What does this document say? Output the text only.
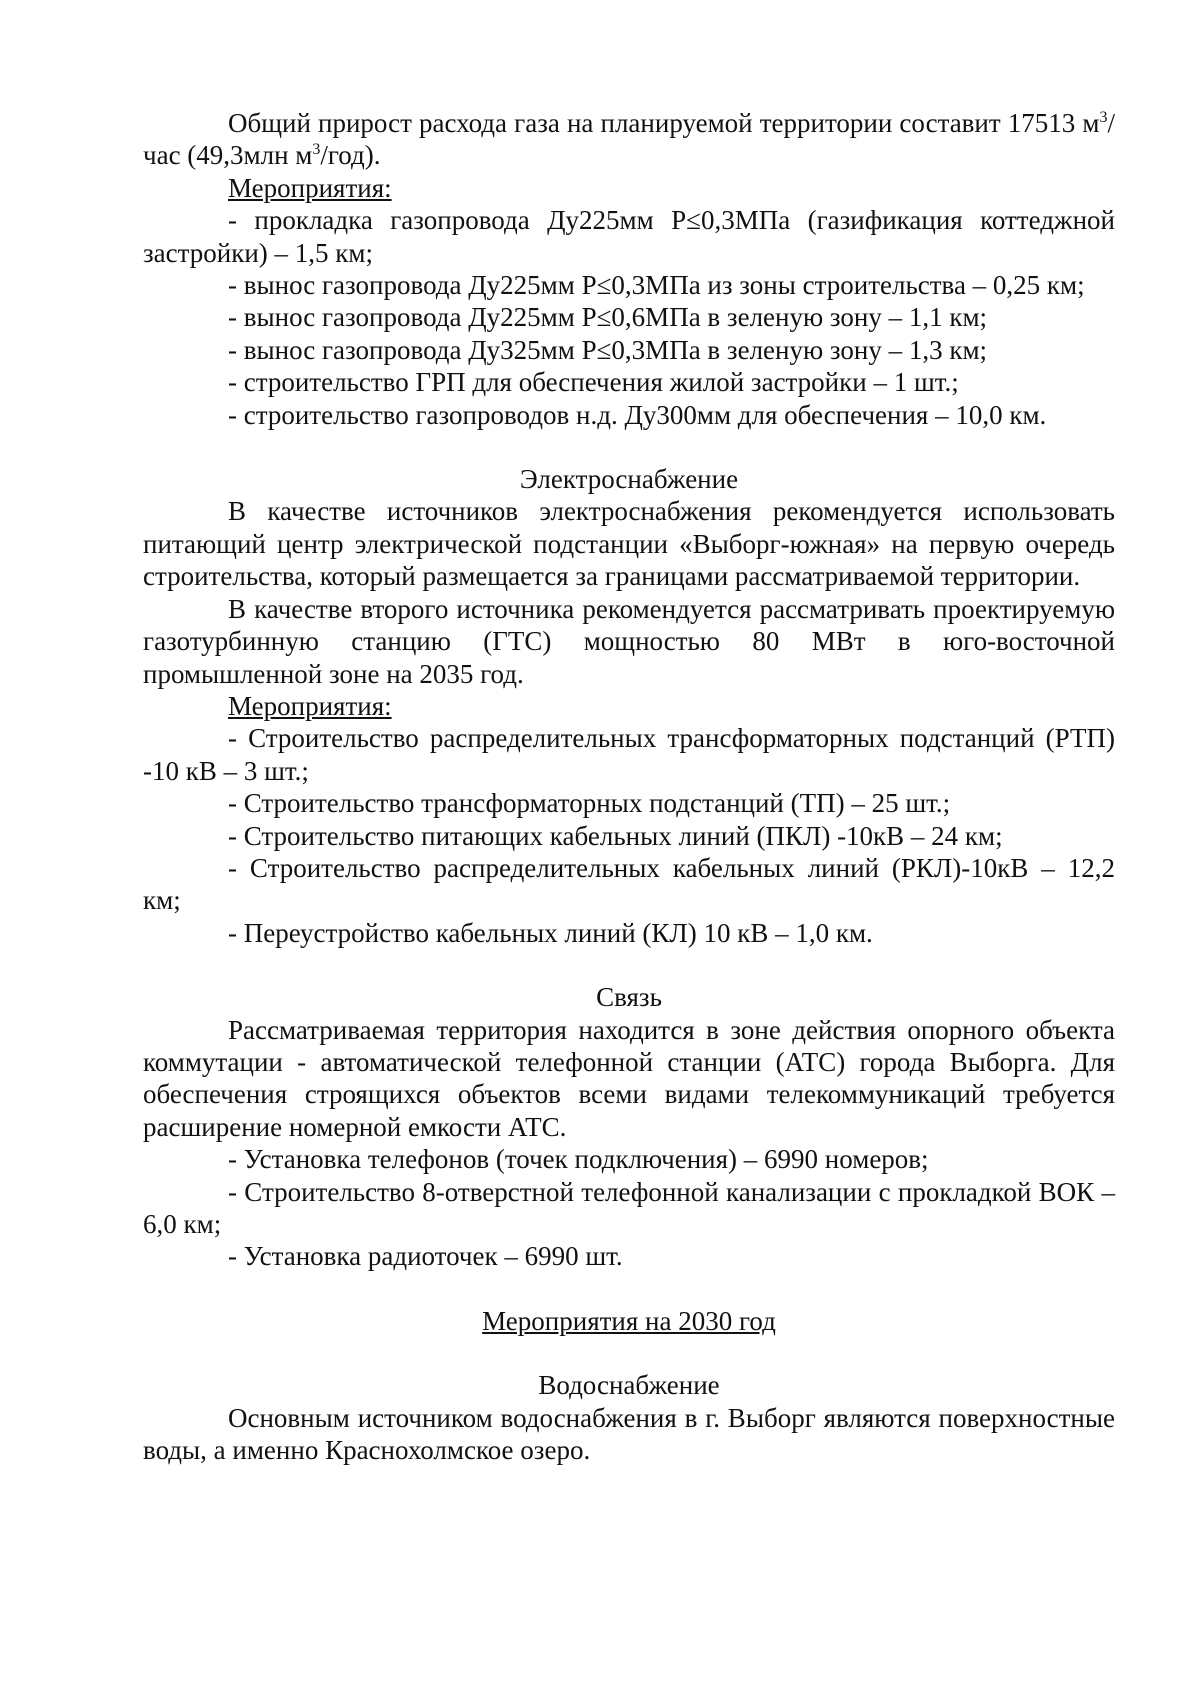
Общий прирост расхода газа на планируемой территории составит 17513 $м^3$/час (49,3млн $м^3/год$).

Мероприятия:

- прокладка газопровода Ду225мм Р≤0,3МПа (газификация коттеджной застройки) – 1,5 км;

- вынос газопровода Ду225мм Р≤0,3МПа из зоны строительства – 0,25 км;

- вынос газопровода Ду225мм Р≤0,6МПа в зеленую зону – 1,1 км;

- вынос газопровода Ду325мм Р≤0,3МПа в зеленую зону – 1,3 км;

- строительство ГРП для обеспечения жилой застройки – 1 шт.;

- строительство газопроводов н.д. Ду300мм для обеспечения – 10,0 км.

Электроснабжение

В качестве источников электроснабжения рекомендуется использовать питающий центр электрической подстанции «Выборг-южная» на первую очередь строительства, который размещается за границами рассматриваемой территории.

В качестве второго источника рекомендуется рассматривать проектируемую газотурбинную станцию (ГТС) мощностью 80 МВт в юго-восточной промышленной зоне на 2035 год.

Мероприятия:

- Строительство распределительных трансформаторных подстанций (РТП) -10 кВ – 3 шт.;

- Строительство трансформаторных подстанций (ТП) – 25 шт.;

- Строительство питающих кабельных линий (ПКЛ) -10кВ – 24 км;

- Строительство распределительных кабельных линий (РКЛ)-10кВ – 12,2 км;

- Переустройство кабельных линий (КЛ) 10 кВ – 1,0 км.

Связь

Рассматриваемая территория находится в зоне действия опорного объекта коммутации - автоматической телефонной станции (АТС) города Выборга. Для обеспечения строящихся объектов всеми видами телекоммуникаций требуется расширение номерной емкости АТС.

- Установка телефонов (точек подключения) – 6990 номеров;

- Строительство 8-отверстной телефонной канализации с прокладкой ВОК – 6,0 км;

- Установка радиоточек – 6990 шт.

Мероприятия на 2030 год

Водоснабжение

Основным источником водоснабжения в г. Выборг являются поверхностные воды, а именно Краснохолмское озеро.
